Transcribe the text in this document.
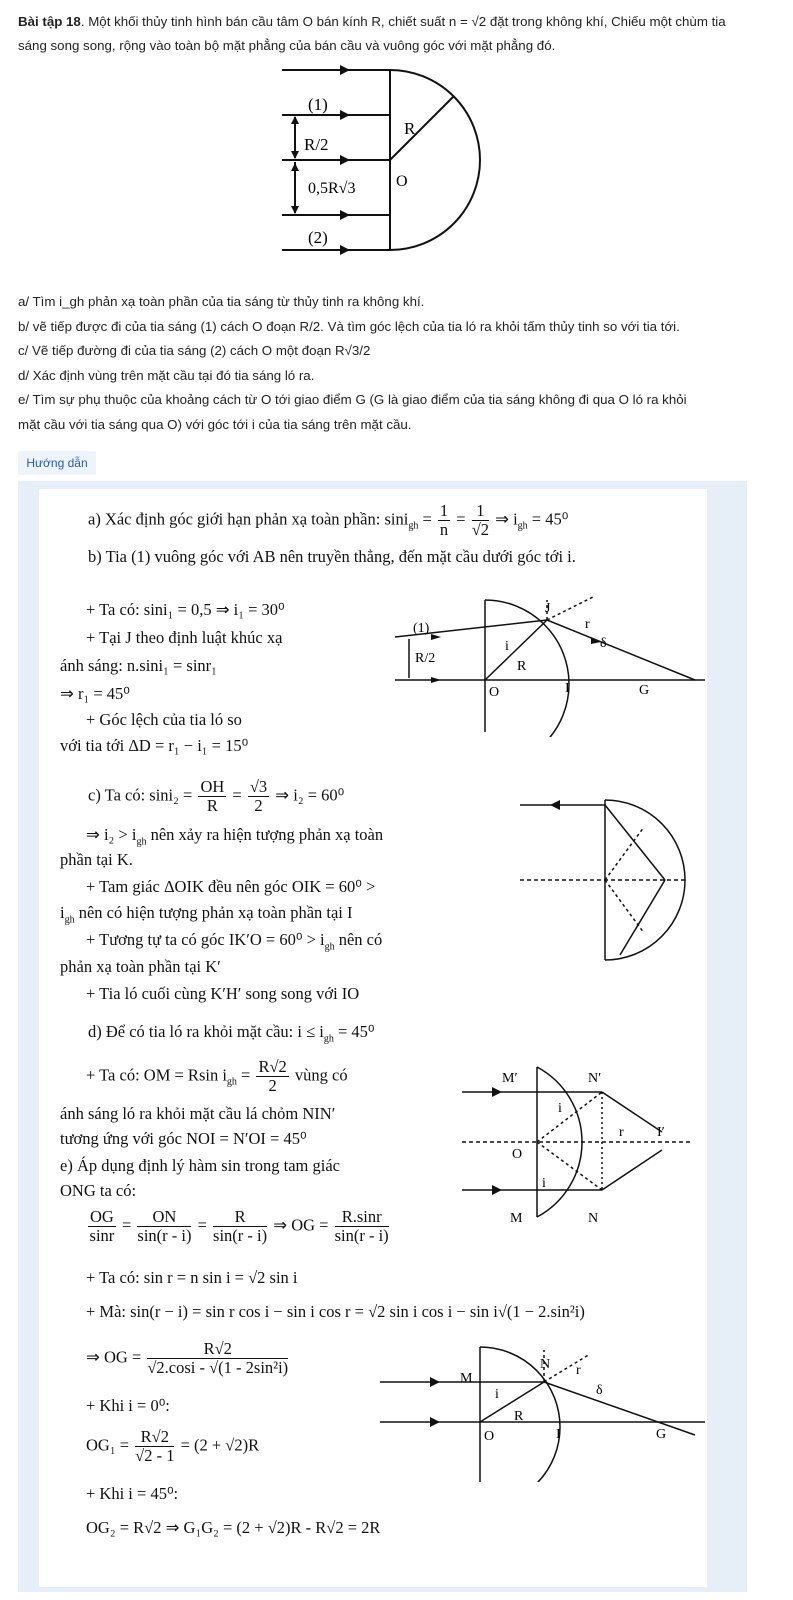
Bài tập 18. Một khối thủy tinh hình bán cầu tâm O bán kính R, chiết suất n = √2 đặt trong không khí, Chiếu một chùm tia sáng song song, rộng vào toàn bộ mặt phẳng của bán cầu và vuông góc với mặt phẳng đó.
(1)
R
R/2
0,5R√3	O
(2)
a/ Tìm i_gh phản xạ toàn phần của tia sáng từ thủy tinh ra không khí.
b/ vẽ tiếp được đi của tia sáng (1) cách O đoạn R/2. Và tìm góc lệch của tia ló ra khỏi tấm thủy tinh so với tia tới.
c/ Vẽ tiếp đường đi của tia sáng (2) cách O một đoạn R√3/2
d/ Xác định vùng trên mặt cầu tại đó tia sáng ló ra.
e/ Tìm sự phụ thuộc của khoảng cách từ O tới giao điểm G (G là giao điểm của tia sáng không đi qua O ló ra khỏi
mặt cầu với tia sáng qua O) với góc tới i của tia sáng trên mặt cầu.
Hướng dẫn
a) Xác định góc giới hạn phản xạ toàn phần: $\sin i_{gh} = \frac{1}{n} = \frac{1}{√2}$ ⇒ $i_{gh} = 45^0$
b) Tia (1) vuông góc với AB nên truyền thẳng, đến mặt cầu dưới góc tới i.
+ Ta có: sini₁ = 0,5 ⇒ i₁ = 30⁰
+ Tại J theo định luật khúc xạ
ánh sáng: n.sini₁ = sinr₁
⇒ r₁ = 45⁰
+ Góc lệch của tia ló so
với tia tới ΔD = r₁ − i₁ = 15⁰
c) Ta có: $\sin i_2 = \frac{OH}{R} = \frac{√3}{2}$ ⇒ i₂ = 60⁰
⇒ $i_2 > i_{gh}$ nên xảy ra hiện tượng phản xạ toàn
phần tại K.
+ Tam giác ΔOIK đều nên góc OIK = 60⁰ >
$i_{gh}$ nên có hiện tượng phản xạ toàn phần tại I
+ Tương tự ta có góc $IK'O = 60^0 > i_{gh}$ nên có
phản xạ toàn phần tại K′
+ Tia ló cuối cùng K′H′ song song với IO
d) Để có tia ló ra khỏi mặt cầu: $i \le i_{gh} = 45^0$
+ Ta có: OM = Rsin $i_{gh} = \frac{R√2}{2}$ vùng có
ánh sáng ló ra khỏi mặt cầu lá chỏm NIN′
tương ứng với góc NOI = N′OI = 45⁰
e) Áp dụng định lý hàm sin trong tam giác
ONG ta có:
$\frac{OG}{\sin r} = \frac{ON}{\sin(r - i)} = \frac{R}{\sin(r - i)}$ ⇒ OG = $\frac{R.\sin r}{\sin(r - i)}$
+ Ta có: sin r = n sin i = √2 sin i
+ Mà: sin(r − i) = sin r cos i − sin i cos r = √2 sin i cos i − sin i√(1 − 2.sin²i)
⇒ OG = $\frac{R√2}{\text{√2.cosi - √(1 - 2sin²i)}}$
+ Khi i = 0⁰:
$OG_1 = \frac{R√2}{√2 - 1} = (2 + √2)R$
+ Khi i = 45⁰:
OG₂ = R√2 ⇒ G₁G₂ = (2 + √2)R - R√2 = 2R
(1)
R/2
J
r
δ
i
R
O	I	G
M′	N′
i
r I′
O
i
M	N
N r
M
i	δ
R
O	I	G
